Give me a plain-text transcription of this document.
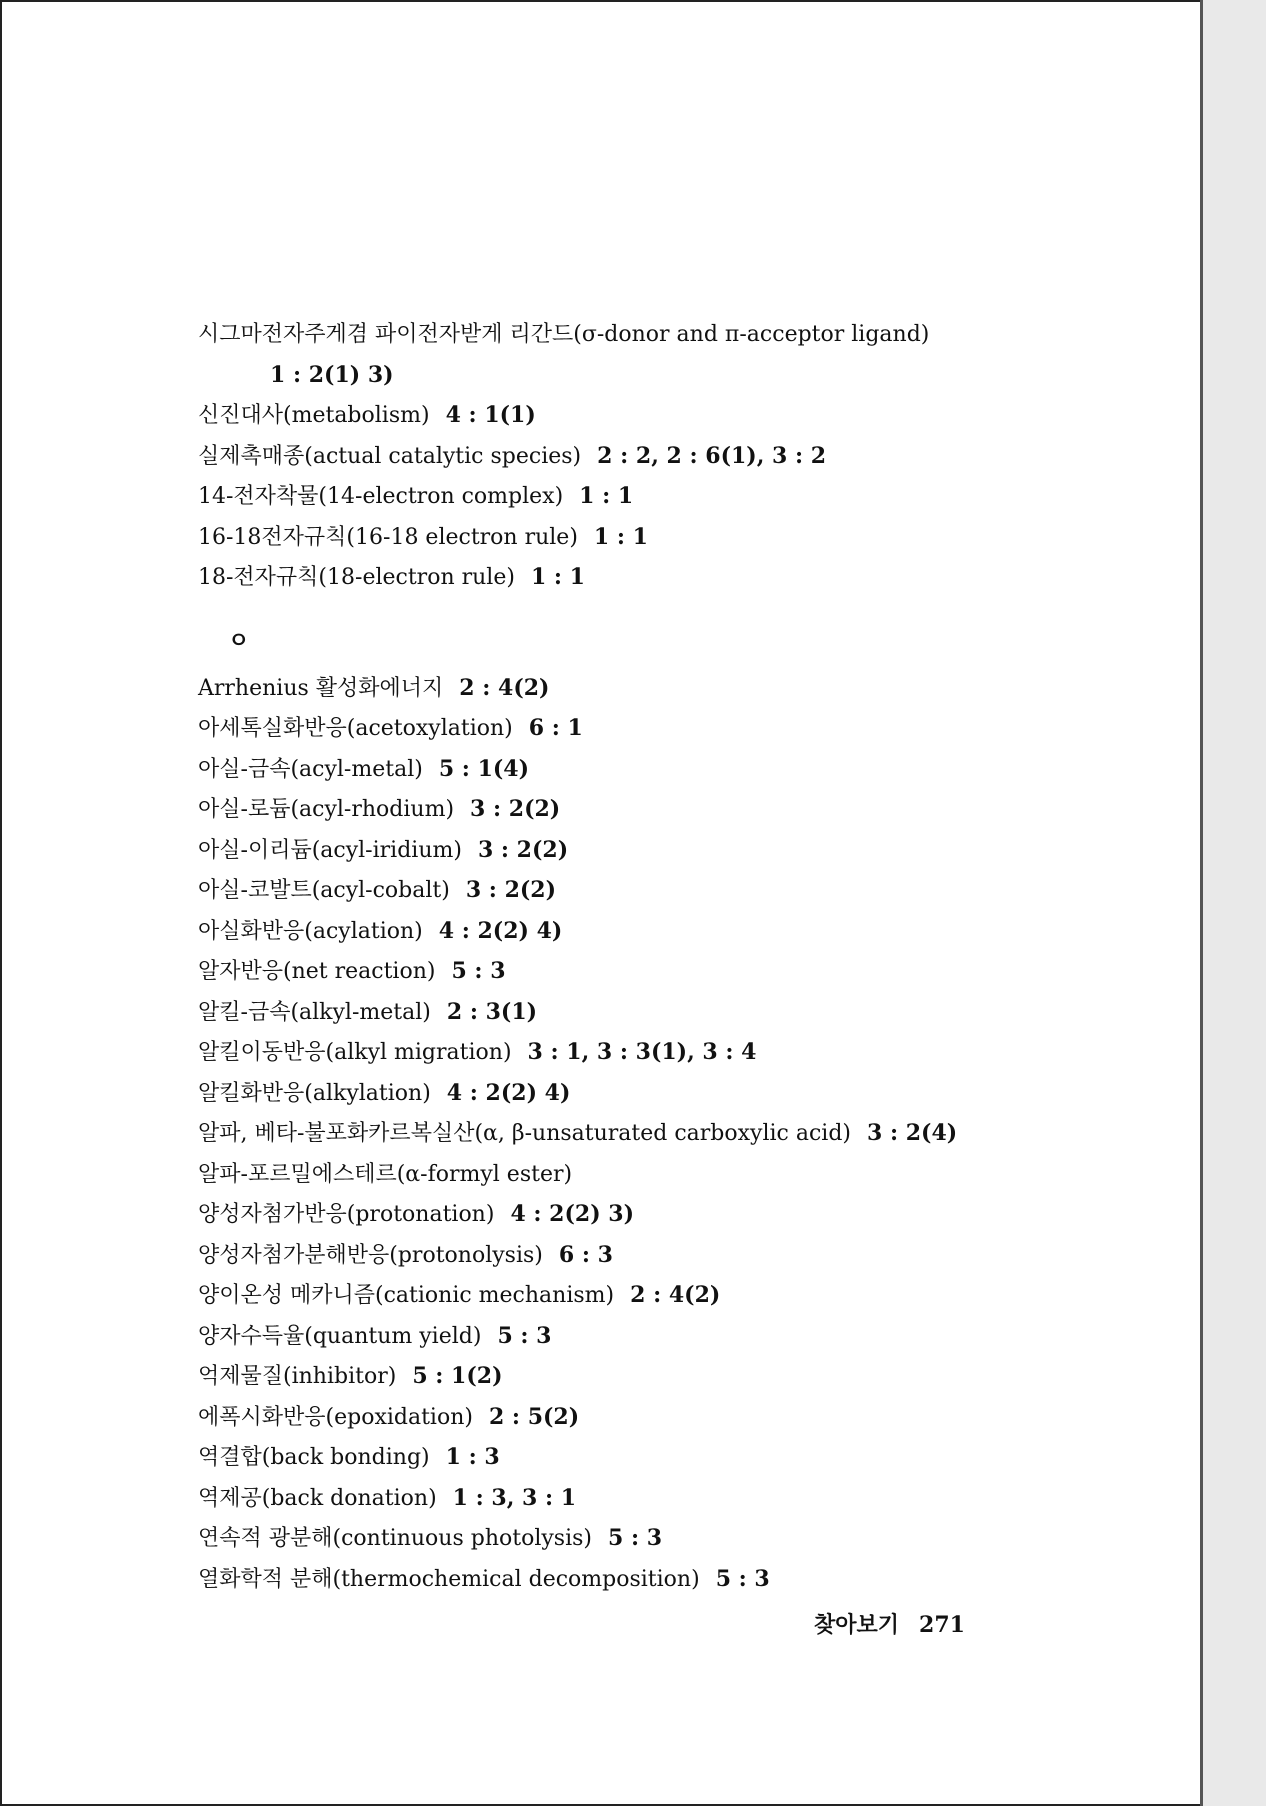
시그마전자주게겸 파이전자받게 리간드(σ-donor and π-acceptor ligand)
1 : 2(1) 3)
신진대사(metabolism) 4 : 1(1)
실제촉매종(actual catalytic species) 2 : 2, 2 : 6(1), 3 : 2
14-전자착물(14-electron complex) 1 : 1
16-18전자규칙(16-18 electron rule) 1 : 1
18-전자규칙(18-electron rule) 1 : 1
ㅇ
Arrhenius 활성화에너지 2 : 4(2)
아세톡실화반응(acetoxylation) 6 : 1
아실-금속(acyl-metal) 5 : 1(4)
아실-로듐(acyl-rhodium) 3 : 2(2)
아실-이리듐(acyl-iridium) 3 : 2(2)
아실-코발트(acyl-cobalt) 3 : 2(2)
아실화반응(acylation) 4 : 2(2) 4)
알자반응(net reaction) 5 : 3
알킬-금속(alkyl-metal) 2 : 3(1)
알킬이동반응(alkyl migration) 3 : 1, 3 : 3(1), 3 : 4
알킬화반응(alkylation) 4 : 2(2) 4)
알파, 베타-불포화카르복실산(α, β-unsaturated carboxylic acid) 3 : 2(4)
알파-포르밀에스테르(α-formyl ester)
양성자첨가반응(protonation) 4 : 2(2) 3)
양성자첨가분해반응(protonolysis) 6 : 3
양이온성 메카니즘(cationic mechanism) 2 : 4(2)
양자수득율(quantum yield) 5 : 3
억제물질(inhibitor) 5 : 1(2)
에폭시화반응(epoxidation) 2 : 5(2)
역결합(back bonding) 1 : 3
역제공(back donation) 1 : 3, 3 : 1
연속적 광분해(continuous photolysis) 5 : 3
열화학적 분해(thermochemical decomposition) 5 : 3
찾아보기 271
